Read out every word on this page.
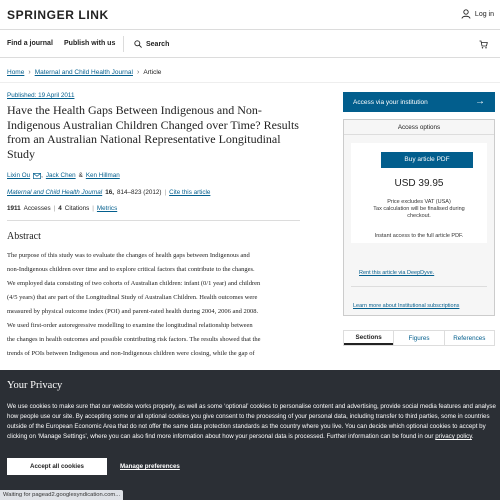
SPRINGER LINK	Log in
Find a journal Publish with us	Search
Home › Maternal and Child Health Journal › Article
Published: 19 April 2011
Have the Health Gaps Between Indigenous and Non-Indigenous Australian Children Changed over Time? Results from an Australian National Representative Longitudinal Study
Lixin Ou , Jack Chen & Ken Hillman
Maternal and Child Health Journal 16, 814–823 (2012) | Cite this article
1911 Accesses | 4 Citations | Metrics
Abstract
The purpose of this study was to evaluate the changes of health gaps between Indigenous and
non-Indigenous children over time and to explore critical factors that contribute to the changes.
We employed data consisting of two cohorts of Australian children: infant (0/1 year) and children
(4/5 years) that are part of the Longitudinal Study of Australian Children. Health outcomes were
measured by physical outcome index (POI) and parent-rated health during 2004, 2006 and 2008.
We used first-order autoregressive modelling to examine the longitudinal relationship between
the changes in health outcomes and possible contributing risk factors. The results showed that the
trends of POIs between Indigenous and non-Indigenous children were closing, while the gap of
Access via your institution	→
Access options
Buy article PDF
USD 39.95
Price excludes VAT (USA)
Tax calculation will be finalised during
checkout.
Instant access to the full article PDF.
Rent this article via DeepDyve.
Learn more about Institutional subscriptions
Sections	Figures	References
Your Privacy
We use cookies to make sure that our website works properly, as well as some ‘optional’ cookies to personalise content and advertising, provide social media features and analyse how people use our site. By accepting some or all optional cookies you give consent to the processing of your personal data, including transfer to third parties, some in countries outside of the European Economic Area that do not offer the same data protection standards as the country where you live. You can decide which optional cookies to accept by clicking on ‘Manage Settings’, where you can also find more information about how your personal data is processed. Further information can be found in our privacy policy.
Accept all cookies	Manage preferences
Waiting for pagead2.googlesyndication.com...
